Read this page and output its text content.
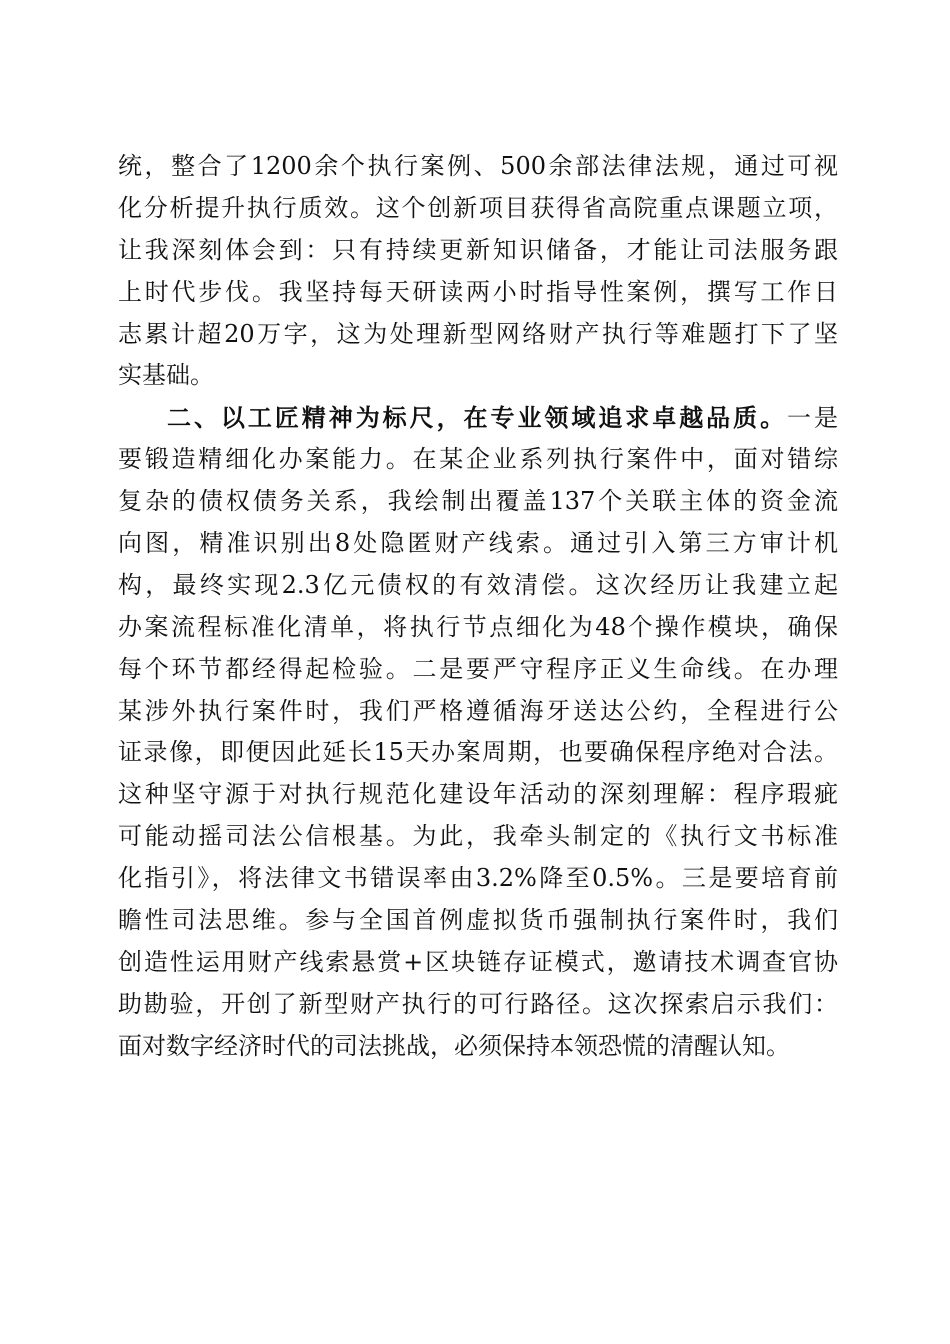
统，整合了1200余个执行案例、500余部法律法规，通过可视
化分析提升执行质效。这个创新项目获得省高院重点课题立项，
让我深刻体会到：只有持续更新知识储备，才能让司法服务跟
上时代步伐。我坚持每天研读两小时指导性案例，撰写工作日
志累计超20万字，这为处理新型网络财产执行等难题打下了坚
实基础。
二、以工匠精神为标尺，在专业领域追求卓越品质。一是
要锻造精细化办案能力。在某企业系列执行案件中，面对错综
复杂的债权债务关系，我绘制出覆盖137个关联主体的资金流
向图，精准识别出8处隐匿财产线索。通过引入第三方审计机
构，最终实现2.3亿元债权的有效清偿。这次经历让我建立起
办案流程标准化清单，将执行节点细化为48个操作模块，确保
每个环节都经得起检验。二是要严守程序正义生命线。在办理
某涉外执行案件时，我们严格遵循海牙送达公约，全程进行公
证录像，即便因此延长15天办案周期，也要确保程序绝对合法。
这种坚守源于对执行规范化建设年活动的深刻理解：程序瑕疵
可能动摇司法公信根基。为此，我牵头制定的《执行文书标准
化指引》，将法律文书错误率由3.2%降至0.5%。三是要培育前
瞻性司法思维。参与全国首例虚拟货币强制执行案件时，我们
创造性运用财产线索悬赏+区块链存证模式，邀请技术调查官协
助勘验，开创了新型财产执行的可行路径。这次探索启示我们：
面对数字经济时代的司法挑战，必须保持本领恐慌的清醒认知。
